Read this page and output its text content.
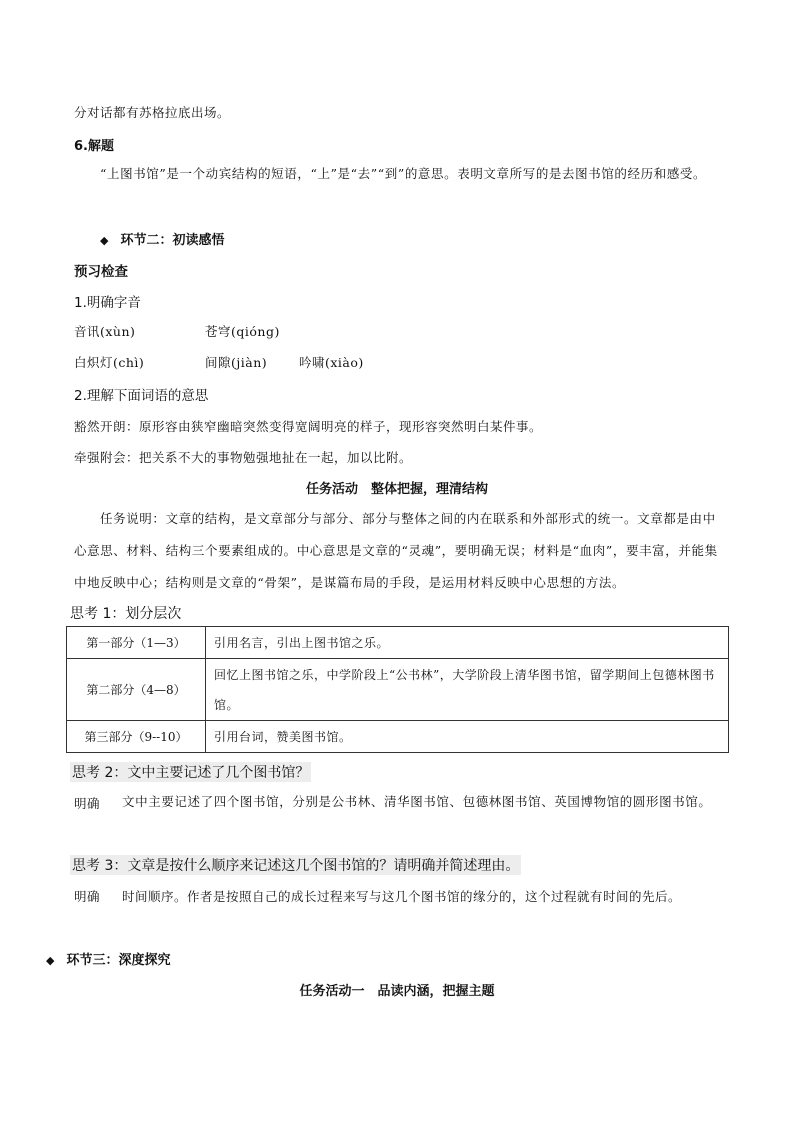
分对话都有苏格拉底出场。
6.解题
“上图书馆”是一个动宾结构的短语，“上”是“去”“到”的意思。表明文章所写的是去图书馆的经历和感受。
◆ 环节二：初读感悟
预习检查
1.明确字音
音讯(xùn)	苍穹(qióng)
白炽灯(chì)	间隙(jiàn)	吟啸(xiào)
2.理解下面词语的意思
豁然开朗：原形容由狭窄幽暗突然变得宽阔明亮的样子，现形容突然明白某件事。
牵强附会：把关系不大的事物勉强地扯在一起，加以比附。
任务活动　整体把握，理清结构
任务说明：文章的结构，是文章部分与部分、部分与整体之间的内在联系和外部形式的统一。文章都是由中心意思、材料、结构三个要素组成的。中心意思是文章的“灵魂”，要明确无误；材料是“血肉”，要丰富，并能集中地反映中心；结构则是文章的“骨架”，是谋篇布局的手段，是运用材料反映中心思想的方法。
思考 1：划分层次
第一部分（1—3）	引用名言，引出上图书馆之乐。
第二部分（4—8）	回忆上图书馆之乐，中学阶段上“公书林”，大学阶段上清华图书馆，留学期间上包德林图书馆。
第三部分（9--10）	引用台词，赞美图书馆。
思考 2：文中主要记述了几个图书馆？
明确	文中主要记述了四个图书馆，分别是公书林、清华图书馆、包德林图书馆、英国博物馆的圆形图书馆。
思考 3：文章是按什么顺序来记述这几个图书馆的？请明确并简述理由。
明确 时间顺序。作者是按照自己的成长过程来写与这几个图书馆的缘分的，这个过程就有时间的先后。
◆ 环节三：深度探究
任务活动一　品读内涵，把握主题
